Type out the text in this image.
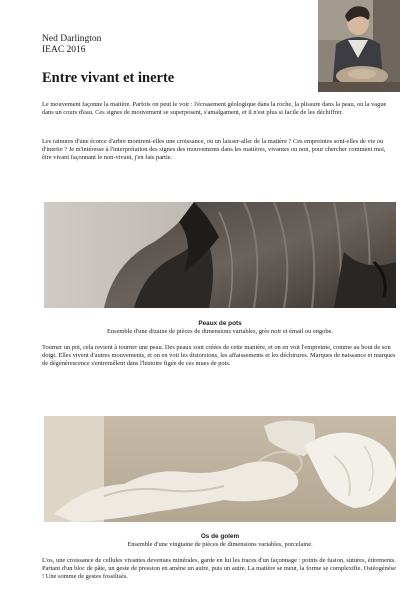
Ned Darlington
IEAC 2016
Entre vivant et inerte

Le mouvement façonne la matière. Parfois on peut le voir : l'écrasement géologique dans la roche, la plissure dans la peau, ou la vague dans un cours d'eau. Ces signes de mouvement se superposent, s'amalgament, et il n'est plus si facile de les déchiffrer.

Les rainures d'une écorce d'arbre montrent-elles une croissance, ou un laisser-aller de la matière ? Ces empreintes sont-elles de vie ou d'inertie ? Je m'intéresse à l'interprétation des signes des mouvements dans les matières, vivantes ou non, pour chercher comment moi, être vivant façonnant le non-vivant, j'en fais partie.

Peaux de pots
Ensemble d'une dizaine de pièces de dimensions variables, grès noir et émail ou engobe.

Tourner un pot, cela revient à tourner une peau. Des peaux sont créées de cette manière, et on en voit l'empreinte, comme au bout de son doigt. Elles vivent d'autres mouvements, et on en voit les distorsions, les affaissements et les déchirures. Marques de naissance et marques de dégénérescence s'entremêlent dans l'histoire figée de ces mues de pots.

Os de golem
Ensemble d'une vingtaine de pièces de dimensions variables, porcelaine.

L'os, une croissance de cellules vivantes devenues minérales, garde en lui les traces d'un façonnage : points de fusion, sutures, étirements. Partant d'un bloc de pâte, un geste de pression en amène un autre, puis un autre. La matière se meut, la forme se complexifie. Ostéogénèse ! Une somme de gestes fossilisés.
